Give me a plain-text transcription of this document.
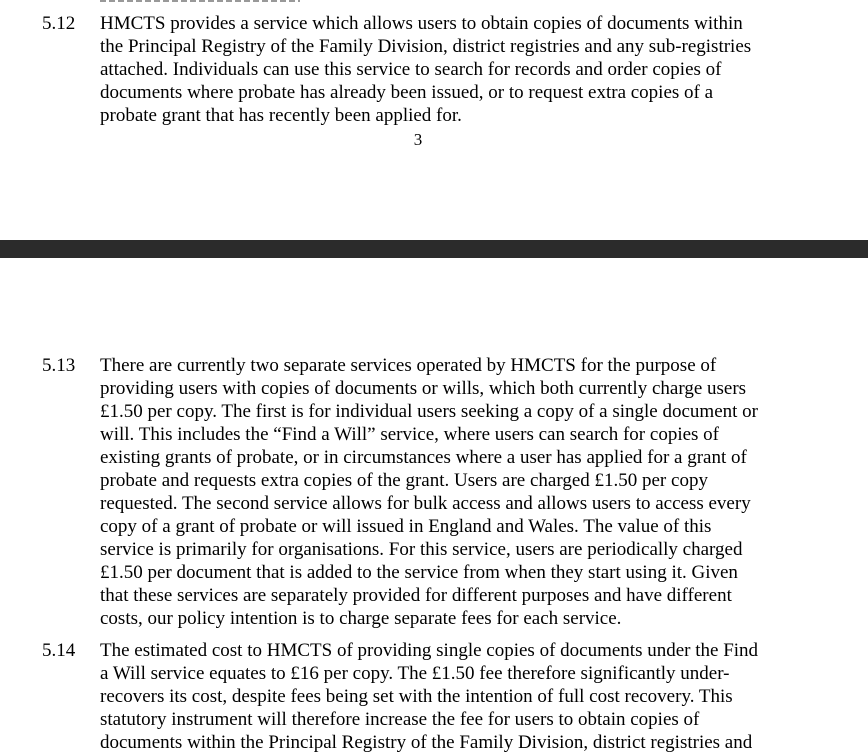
5.12 HMCTS provides a service which allows users to obtain copies of documents within
the Principal Registry of the Family Division, district registries and any sub-registries
attached. Individuals can use this service to search for records and order copies of
documents where probate has already been issued, or to request extra copies of a
probate grant that has recently been applied for.
3
5.13 There are currently two separate services operated by HMCTS for the purpose of
providing users with copies of documents or wills, which both currently charge users
£1.50 per copy. The first is for individual users seeking a copy of a single document or
will. This includes the “Find a Will” service, where users can search for copies of
existing grants of probate, or in circumstances where a user has applied for a grant of
probate and requests extra copies of the grant. Users are charged £1.50 per copy
requested. The second service allows for bulk access and allows users to access every
copy of a grant of probate or will issued in England and Wales. The value of this
service is primarily for organisations. For this service, users are periodically charged
£1.50 per document that is added to the service from when they start using it. Given
that these services are separately provided for different purposes and have different
costs, our policy intention is to charge separate fees for each service.
5.14 The estimated cost to HMCTS of providing single copies of documents under the Find
a Will service equates to £16 per copy. The £1.50 fee therefore significantly under-
recovers its cost, despite fees being set with the intention of full cost recovery. This
statutory instrument will therefore increase the fee for users to obtain copies of
documents within the Principal Registry of the Family Division, district registries and
